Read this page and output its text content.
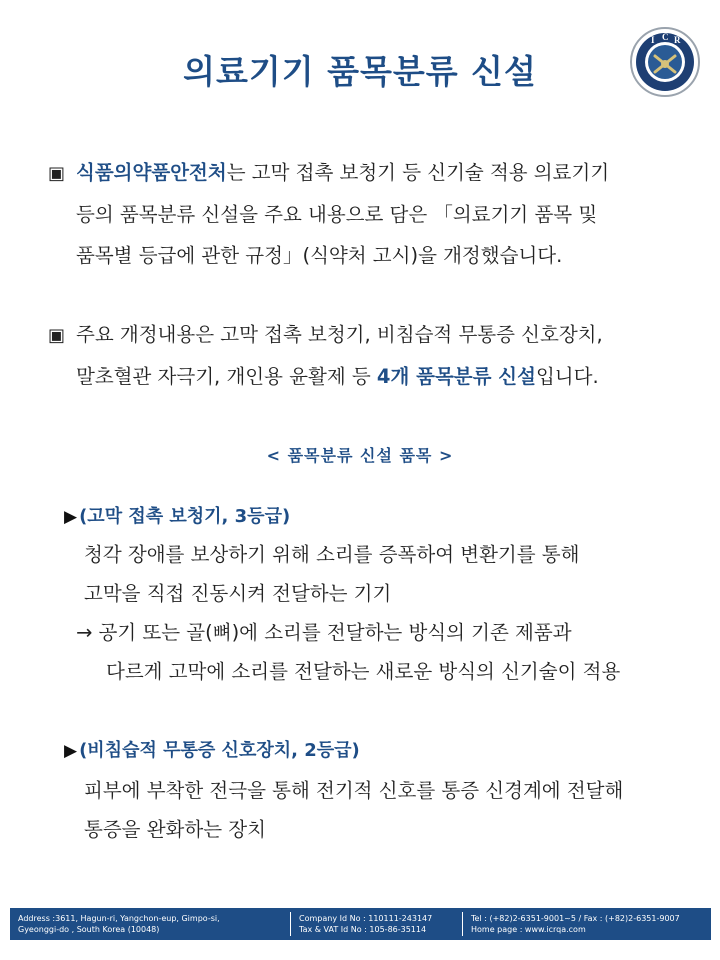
의료기기 품목분류 신설
I C R
▣ 식품의약품안전처는 고막 접촉 보청기 등 신기술 적용 의료기기
등의 품목분류 신설을 주요 내용으로 담은 「의료기기 품목 및
품목별 등급에 관한 규정」(식약처 고시)을 개정했습니다.
▣ 주요 개정내용은 고막 접촉 보청기, 비침습적 무통증 신호장치,
말초혈관 자극기, 개인용 윤활제 등 4개 품목분류 신설입니다.
< 품목분류 신설 품목 >
▶ (고막 접촉 보청기, 3등급)
청각 장애를 보상하기 위해 소리를 증폭하여 변환기를 통해
고막을 직접 진동시켜 전달하는 기기
→ 공기 또는 골(뼈)에 소리를 전달하는 방식의 기존 제품과
다르게 고막에 소리를 전달하는 새로운 방식의 신기술이 적용
▶ (비침습적 무통증 신호장치, 2등급)
피부에 부착한 전극을 통해 전기적 신호를 통증 신경계에 전달해
통증을 완화하는 장치
Address :3611, Hagun-ri, Yangchon-eup, Gimpo-si,
Gyeonggi-do , South Korea (10048)
Company Id No : 110111-243147
Tax & VAT Id No : 105-86-35114
Tel : (+82)2-6351-9001~5 / Fax : (+82)2-6351-9007
Home page : www.icrqa.com
